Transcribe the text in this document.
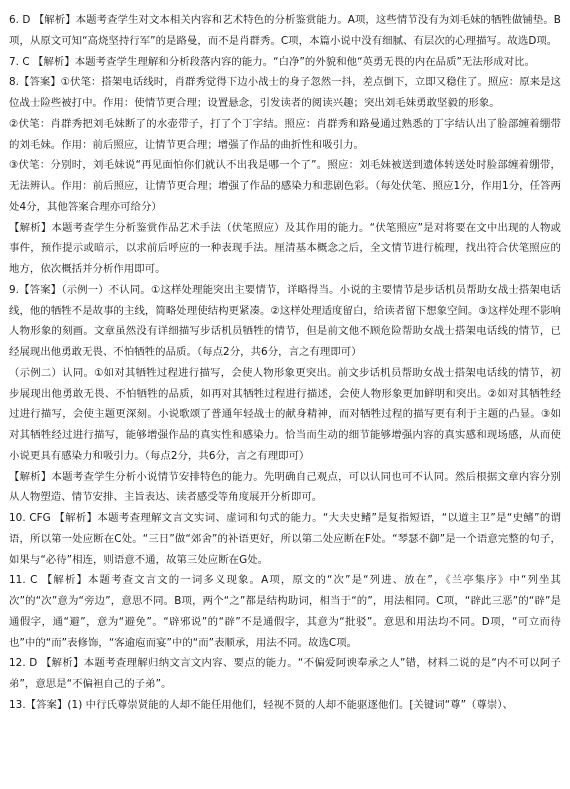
6. D 【解析】本题考查学生对文本相关内容和艺术特色的分析鉴赏能力。A项，这些情节没有为刘毛妹的牺牲做铺垫。B项，从原文可知“高烧坚持行军”的是路曼，而不是肖群秀。C项，本篇小说中没有细腻、有层次的心理描写。故选D项。

7. C 【解析】本题考查学生理解和分析段落内容的能力。“白净”的外貌和他“英勇无畏的内在品质”无法形成对比。

8.【答案】①伏笔：搭架电话线时，肖群秀觉得下边小战士的身子忽然一抖，差点倒下，立即又稳住了。照应：原来是这位战士险些被打中。作用：使情节更合理；设置悬念，引发读者的阅读兴趣；突出刘毛妹勇敢坚毅的形象。

②伏笔：肖群秀把刘毛妹断了的水壶带子，打了个丁字结。照应：肖群秀和路曼通过熟悉的丁字结认出了脸部缠着绷带的刘毛妹。作用：前后照应，让情节更合理；增强了作品的曲折性和吸引力。

③伏笔：分别时，刘毛妹说“再见面怕你们就认不出我是哪一个了”。照应：刘毛妹被送到遗体转送处时脸部缠着绷带，无法辨认。作用：前后照应，让情节更合理；增强了作品的感染力和悲剧色彩。（每处伏笔、照应1分，作用1分，任答两处4分，其他答案合理亦可给分）

【解析】本题考查学生分析鉴赏作品艺术手法（伏笔照应）及其作用的能力。“伏笔照应”是对将要在文中出现的人物或事件，预作提示或暗示，以求前后呼应的一种表现手法。厘清基本概念之后，全文情节进行梳理，找出符合伏笔照应的地方，依次概括并分析作用即可。

9.【答案】（示例一）不认同。①这样处理能突出主要情节，详略得当。小说的主要情节是步话机员帮助女战士搭架电话线，他的牺牲不是故事的主线，简略处理使结构更紧凑。②这样处理适度留白，给读者留下想象空间。③这样处理不影响人物形象的刻画。文章虽然没有详细描写步话机员牺牲的情节，但是前文他不顾危险帮助女战士搭架电话线的情节，已经展现出他勇敢无畏、不怕牺牲的品质。（每点2分，共6分，言之有理即可）

（示例二）认同。①如对其牺牲过程进行描写，会使人物形象更突出。前文步话机员帮助女战士搭架电话线的情节，初步展现出他勇敢无畏、不怕牺牲的品质，如再对其牺牲过程进行描述，会使人物形象更加鲜明和突出。②如对其牺牲经过进行描写，会使主题更深刻。小说歌颂了普通年轻战士的献身精神，而对牺牲过程的描写更有利于主题的凸显。③如对其牺牲经过进行描写，能够增强作品的真实性和感染力。恰当而生动的细节能够增强内容的真实感和现场感，从而使小说更具有感染力和吸引力。（每点2分，共6分，言之有理即可）

【解析】本题考查学生分析小说情节安排特色的能力。先明确自己观点，可以认同也可不认同。然后根据文章内容分别从人物塑造、情节安排、主旨表达、读者感受等角度展开分析即可。

10. CFG 【解析】本题考查理解文言文实词、虚词和句式的能力。“大夫史鳍”是复指短语，“以道主卫”是“史鳍”的谓语，所以第一处应断在C处。“三日”做“郊舍”的补语更好，所以第二处应断在F处。“琴瑟不御”是一个语意完整的句子，如果与“必待”相连，则语意不通，故第三处应断在G处。

11. C 【解析】本题考查文言文的一词多义现象。A项，原文的“次”是“列进、放在”，《兰亭集序》中“列坐其次”的“次”意为“旁边”，意思不同。B项，两个“之”都是结构助词，相当于“的”，用法相同。C项，“辟此三恶”的“辟”是通假字，通“避”，意为“避免”。“辟邪说”的“辟”不是通假字，其意为“批驳”。意思和用法均不同。D项，“可立而待也”中的“而”表修饰，“客逾庖而宴”中的“而”表顺承，用法不同。故选C项。

12. D 【解析】本题考查理解归纳文言文内容、要点的能力。“不偏爱阿谀奉承之人”错，材料二说的是“内不可以阿子弟”，意思是“不偏袒自己的子弟”。

13.【答案】(1) 中行氏尊崇贤能的人却不能任用他们，轻视不贤的人却不能驱逐他们。[关键词“尊”（尊崇）、
